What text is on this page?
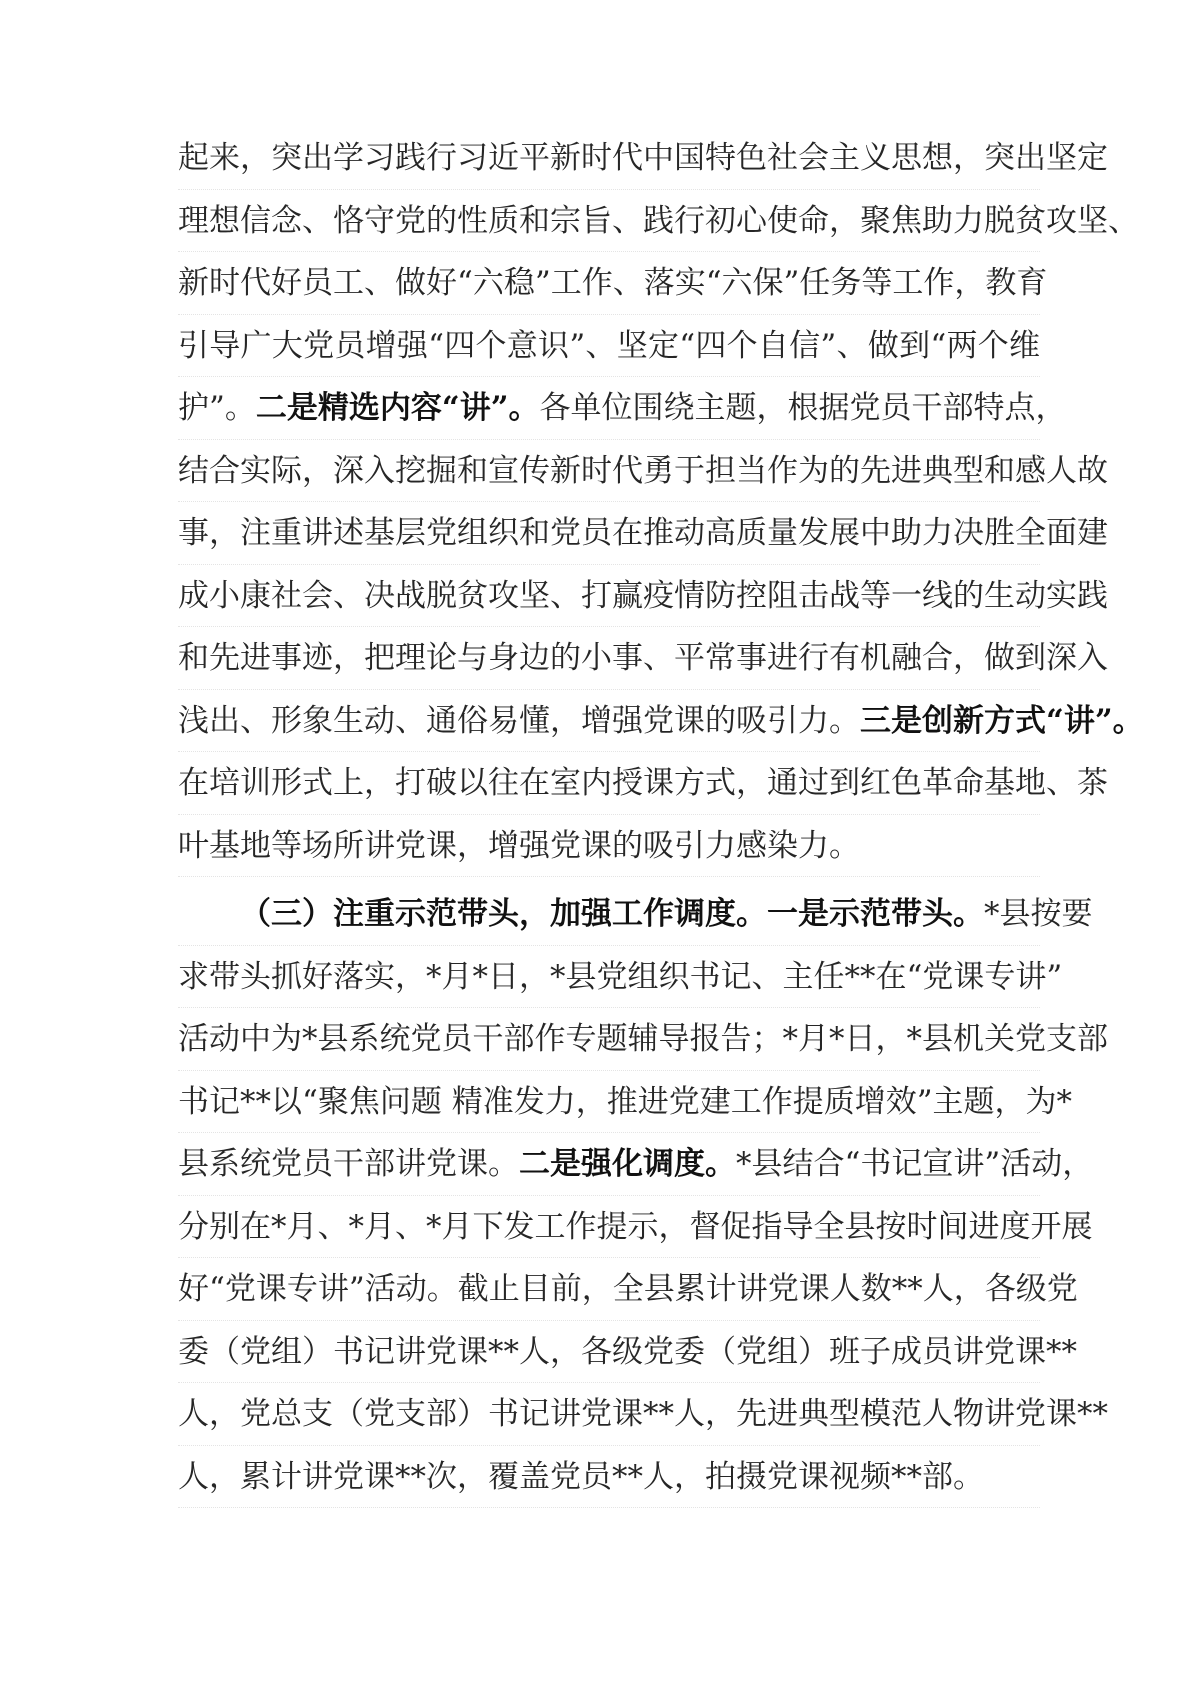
起来，突出学习践行习近平新时代中国特色社会主义思想，突出坚定
理想信念、恪守党的性质和宗旨、践行初心使命，聚焦助力脱贫攻坚、
新时代好员工、做好“六稳”工作、落实“六保”任务等工作，教育
引导广大党员增强“四个意识”、坚定“四个自信”、做到“两个维
护”。二是精选内容“讲”。各单位围绕主题，根据党员干部特点，
结合实际，深入挖掘和宣传新时代勇于担当作为的先进典型和感人故
事，注重讲述基层党组织和党员在推动高质量发展中助力决胜全面建
成小康社会、决战脱贫攻坚、打赢疫情防控阻击战等一线的生动实践
和先进事迹，把理论与身边的小事、平常事进行有机融合，做到深入
浅出、形象生动、通俗易懂，增强党课的吸引力。三是创新方式“讲”。
在培训形式上，打破以往在室内授课方式，通过到红色革命基地、茶
叶基地等场所讲党课，增强党课的吸引力感染力。
（三）注重示范带头，加强工作调度。一是示范带头。*县按要
求带头抓好落实，*月*日，*县党组织书记、主任**在“党课专讲”
活动中为*县系统党员干部作专题辅导报告；*月*日，*县机关党支部
书记**以“聚焦问题 精准发力，推进党建工作提质增效”主题，为*
县系统党员干部讲党课。二是强化调度。*县结合“书记宣讲”活动，
分别在*月、*月、*月下发工作提示，督促指导全县按时间进度开展
好“党课专讲”活动。截止目前，全县累计讲党课人数**人，各级党
委（党组）书记讲党课**人，各级党委（党组）班子成员讲党课**
人，党总支（党支部）书记讲党课**人，先进典型模范人物讲党课**
人，累计讲党课**次，覆盖党员**人，拍摄党课视频**部。
